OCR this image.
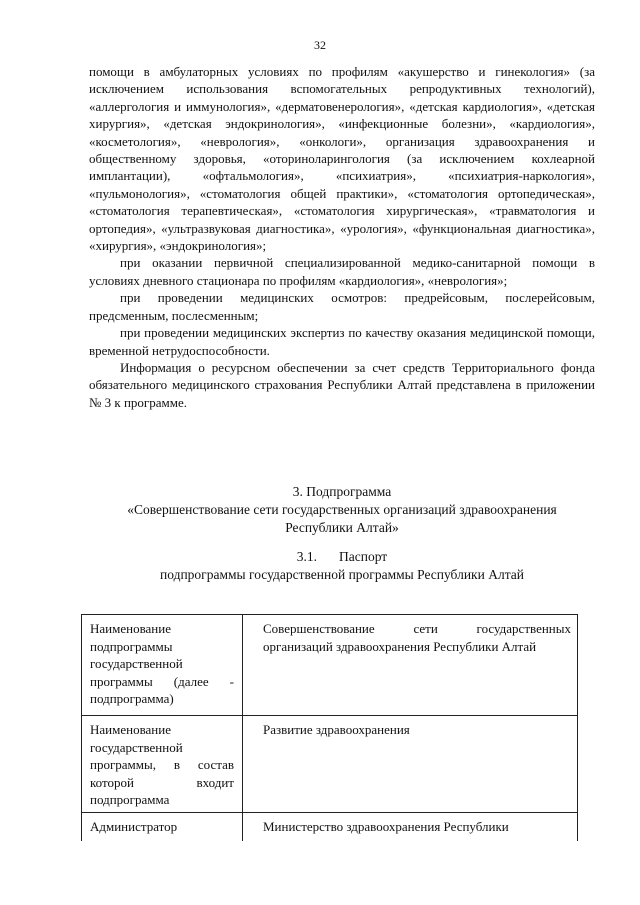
32

помощи в амбулаторных условиях по профилям «акушерство и гинекология» (за исключением использования вспомогательных репродуктивных технологий), «аллергология и иммунология», «дерматовенерология», «детская кардиология», «детская хирургия», «детская эндокринология», «инфекционные болезни», «кардиология», «косметология», «неврология», «онкологи», организация здравоохранения и общественному здоровья, «оториноларингология (за исключением кохлеарной имплантации), «офтальмология», «психиатрия», «психиатрия-наркология», «пульмонология», «стоматология общей практики», «стоматология ортопедическая», «стоматология терапевтическая», «стоматология хирургическая», «травматология и ортопедия», «ультразвуковая диагностика», «урология», «функциональная диагностика», «хирургия», «эндокринология»;

при оказании первичной специализированной медико-санитарной помощи в условиях дневного стационара по профилям «кардиология», «неврология»;

при проведении медицинских осмотров: предрейсовым, послерейсовым, предсменным, послесменным;

при проведении медицинских экспертиз по качеству оказания медицинской помощи, временной нетрудоспособности.

Информация о ресурсном обеспечении за счет средств Территориального фонда обязательного медицинского страхования Республики Алтай представлена в приложении № 3 к программе.

3. Подпрограмма
«Совершенствование сети государственных организаций здравоохранения
Республики Алтай»
3.1. Паспорт
подпрограммы государственной программы Республики Алтай
Наименование подпрограммы государственной программы (далее - подпрограмма)	Совершенствование сети государственных организаций здравоохранения Республики Алтай
Наименование государственной программы, в состав которой входит подпрограмма	Развитие здравоохранения
Администратор	Министерство здравоохранения Республики
